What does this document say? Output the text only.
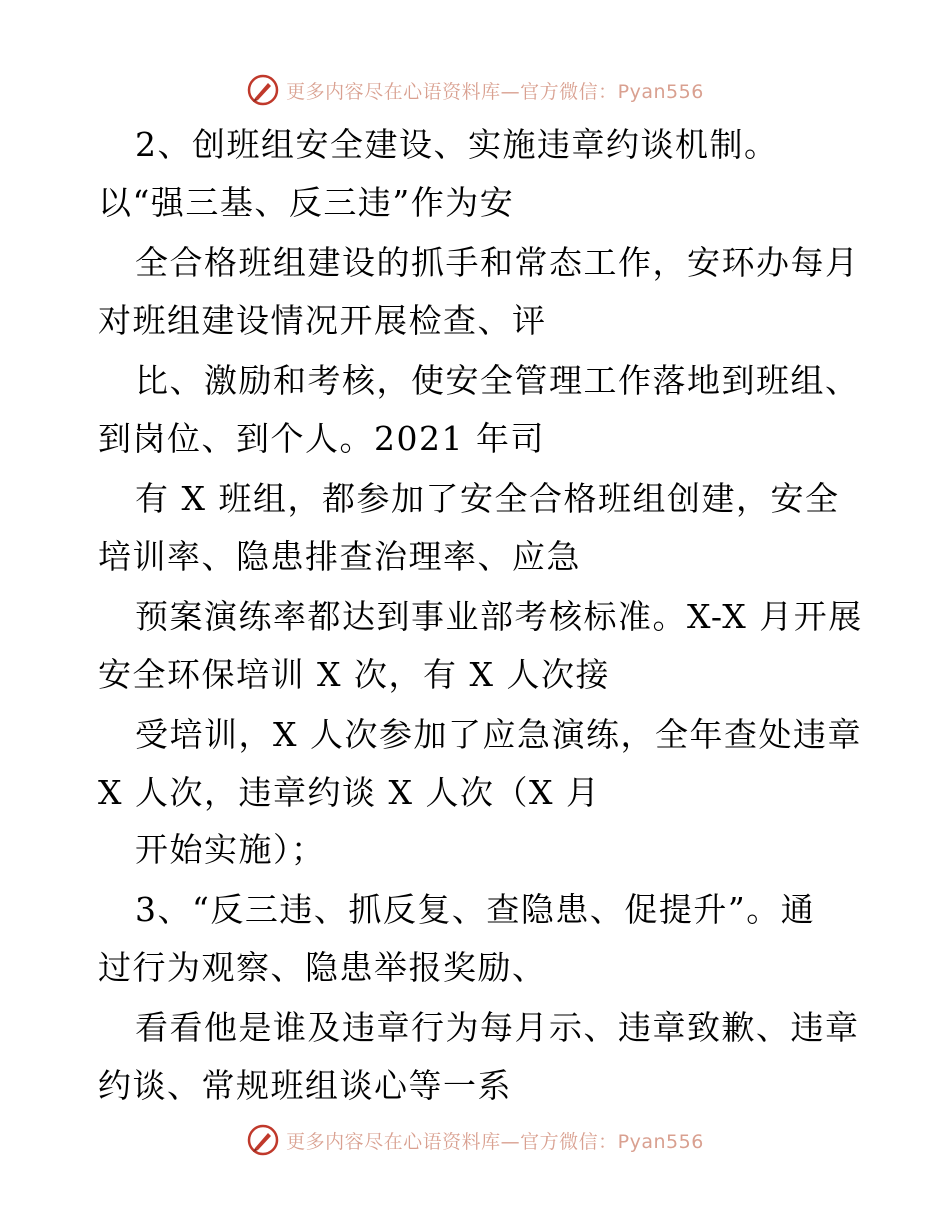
更多内容尽在心语资料库—官方微信：Pyan556
2、创班组安全建设、实施违章约谈机制。
以“强三基、反三违”作为安
全合格班组建设的抓手和常态工作，安环办每月
对班组建设情况开展检查、评
比、激励和考核，使安全管理工作落地到班组、
到岗位、到个人。2021 年司
有 X 班组，都参加了安全合格班组创建，安全
培训率、隐患排查治理率、应急
预案演练率都达到事业部考核标准。X-X 月开展
安全环保培训 X 次，有 X 人次接
受培训，X 人次参加了应急演练，全年查处违章
X 人次，违章约谈 X 人次（X 月
开始实施）；
3、“反三违、抓反复、查隐患、促提升”。通
过行为观察、隐患举报奖励、
看看他是谁及违章行为每月示、违章致歉、违章
约谈、常规班组谈心等一系
更多内容尽在心语资料库—官方微信：Pyan556
